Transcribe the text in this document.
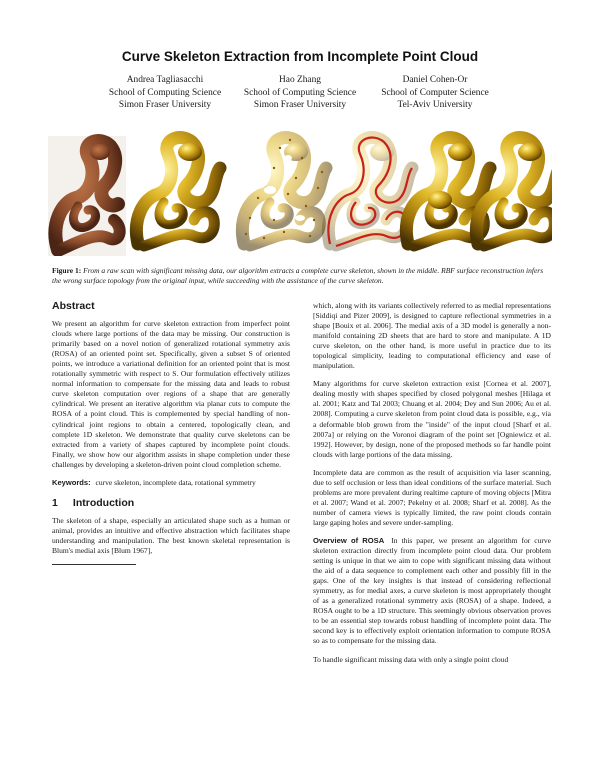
Curve Skeleton Extraction from Incomplete Point Cloud
Andrea Tagliasacchi
School of Computing Science
Simon Fraser University
Hao Zhang
School of Computing Science
Simon Fraser University
Daniel Cohen-Or
School of Computer Science
Tel-Aviv University
Figure 1: From a raw scan with significant missing data, our algorithm extracts a complete curve skeleton, shown in the middle. RBF surface reconstruction infers the wrong surface topology from the original input, while succeeding with the assistance of the curve skeleton.
Abstract
We present an algorithm for curve skeleton extraction from imperfect point clouds where large portions of the data may be missing. Our construction is primarily based on a novel notion of generalized rotational symmetry axis (ROSA) of an oriented point set. Specifically, given a subset S of oriented points, we introduce a variational definition for an oriented point that is most rotationally symmetric with respect to S. Our formulation effectively utilizes normal information to compensate for the missing data and leads to robust curve skeleton computation over regions of a shape that are generally cylindrical. We present an iterative algorithm via planar cuts to compute the ROSA of a point cloud. This is complemented by special handling of non-cylindrical joint regions to obtain a centered, topologically clean, and complete 1D skeleton. We demonstrate that quality curve skeletons can be extracted from a variety of shapes captured by incomplete point clouds. Finally, we show how our algorithm assists in shape completion under these challenges by developing a skeleton-driven point cloud completion scheme.
Keywords: curve skeleton, incomplete data, rotational symmetry
1 Introduction
The skeleton of a shape, especially an articulated shape such as a human or animal, provides an intuitive and effective abstraction which facilitates shape understanding and manipulation. The best known skeletal representation is Blum's medial axis [Blum 1967],
which, along with its variants collectively referred to as medial representations [Siddiqi and Pizer 2009], is designed to capture reflectional symmetries in a shape [Bouix et al. 2006]. The medial axis of a 3D model is generally a non-manifold containing 2D sheets that are hard to store and manipulate. A 1D curve skeleton, on the other hand, is more useful in practice due to its topological simplicity, leading to computational efficiency and ease of manipulation.
Many algorithms for curve skeleton extraction exist [Cornea et al. 2007], dealing mostly with shapes specified by closed polygonal meshes [Hilaga et al. 2001; Katz and Tal 2003; Chuang et al. 2004; Dey and Sun 2006; Au et al. 2008]. Computing a curve skeleton from point cloud data is possible, e.g., via a deformable blob grown from the "inside" of the input cloud [Sharf et al. 2007a] or relying on the Voronoi diagram of the point set [Ogniewicz et al. 1992]. However, by design, none of the proposed methods so far handle point clouds with large portions of the data missing.
Incomplete data are common as the result of acquisition via laser scanning, due to self occlusion or less than ideal conditions of the surface material. Such problems are more prevalent during realtime capture of moving objects [Mitra et al. 2007; Wand et al. 2007; Pekelny et al. 2008; Sharf et al. 2008]. As the number of camera views is typically limited, the raw point clouds contain large gaping holes and severe under-sampling.
Overview of ROSA In this paper, we present an algorithm for curve skeleton extraction directly from incomplete point cloud data. Our problem setting is unique in that we aim to cope with significant missing data without the aid of a data sequence to complement each other and possibly fill in the gaps. One of the key insights is that instead of considering reflectional symmetry, as for medial axes, a curve skeleton is most appropriately thought of as a generalized rotational symmetry axis (ROSA) of a shape. Indeed, a ROSA ought to be a 1D structure. This seemingly obvious observation proves to be an essential step towards robust handling of incomplete point data. The second key is to effectively exploit orientation information to compute ROSA so as to compensate for the missing data.
To handle significant missing data with only a single point cloud
